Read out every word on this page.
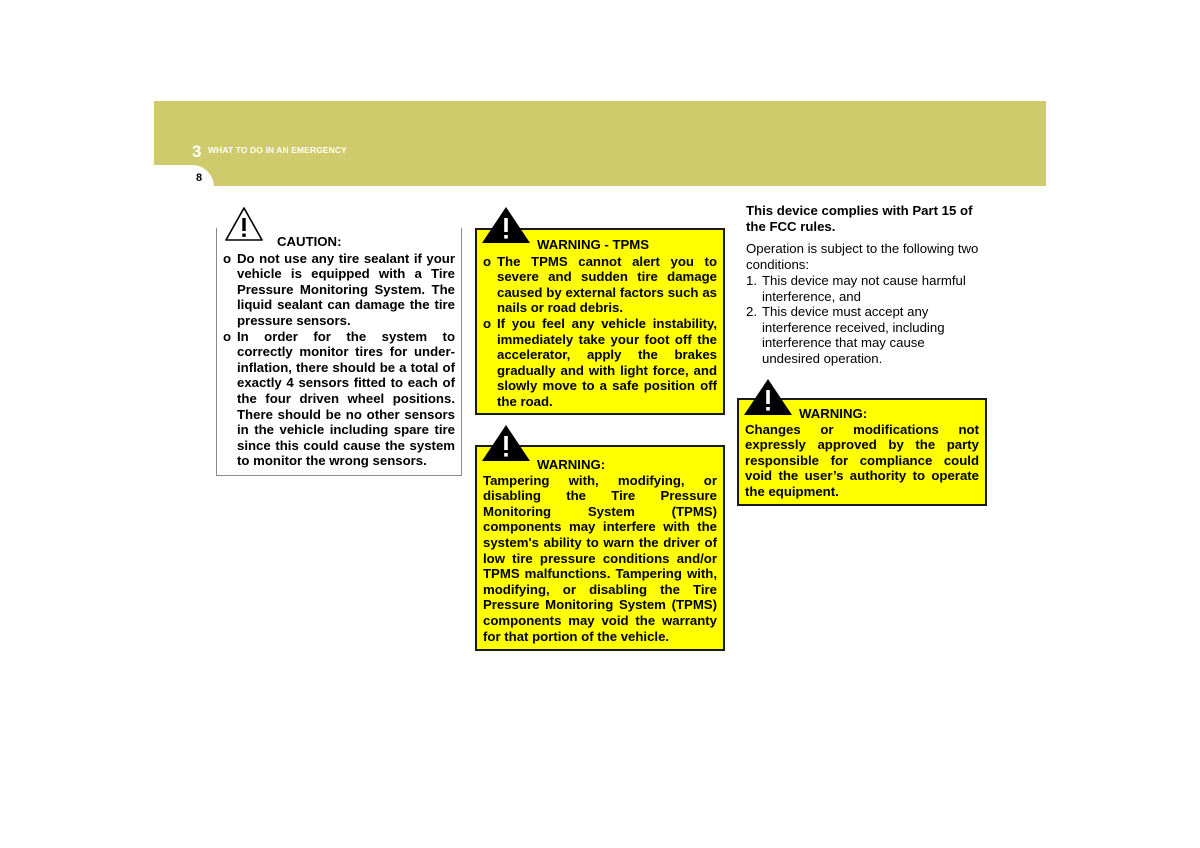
3 WHAT TO DO IN AN EMERGENCY
8
CAUTION:
o Do not use any tire sealant if your vehicle is equipped with a Tire Pressure Monitoring System. The liquid sealant can damage the tire pressure sensors.
o In order for the system to correctly monitor tires for under-inflation, there should be a total of exactly 4 sensors fitted to each of the four driven wheel positions. There should be no other sensors in the vehicle including spare tire since this could cause the system to monitor the wrong sensors.
WARNING - TPMS
o The TPMS cannot alert you to severe and sudden tire damage caused by external factors such as nails or road debris.
o If you feel any vehicle instability, immediately take your foot off the accelerator, apply the brakes gradually and with light force, and slowly move to a safe position off the road.
WARNING:

Tampering with, modifying, or disabling the Tire Pressure Monitoring System (TPMS) components may interfere with the system's ability to warn the driver of low tire pressure conditions and/or TPMS malfunctions. Tampering with, modifying, or disabling the Tire Pressure Monitoring System (TPMS) components may void the warranty for that portion of the vehicle.

This device complies with Part 15 of the FCC rules.

Operation is subject to the following two conditions:

1. This device may not cause harmful interference, and
2. This device must accept any interference received, including interference that may cause undesired operation.
WARNING:

Changes or modifications not expressly approved by the party responsible for compliance could void the user’s authority to operate the equipment.
